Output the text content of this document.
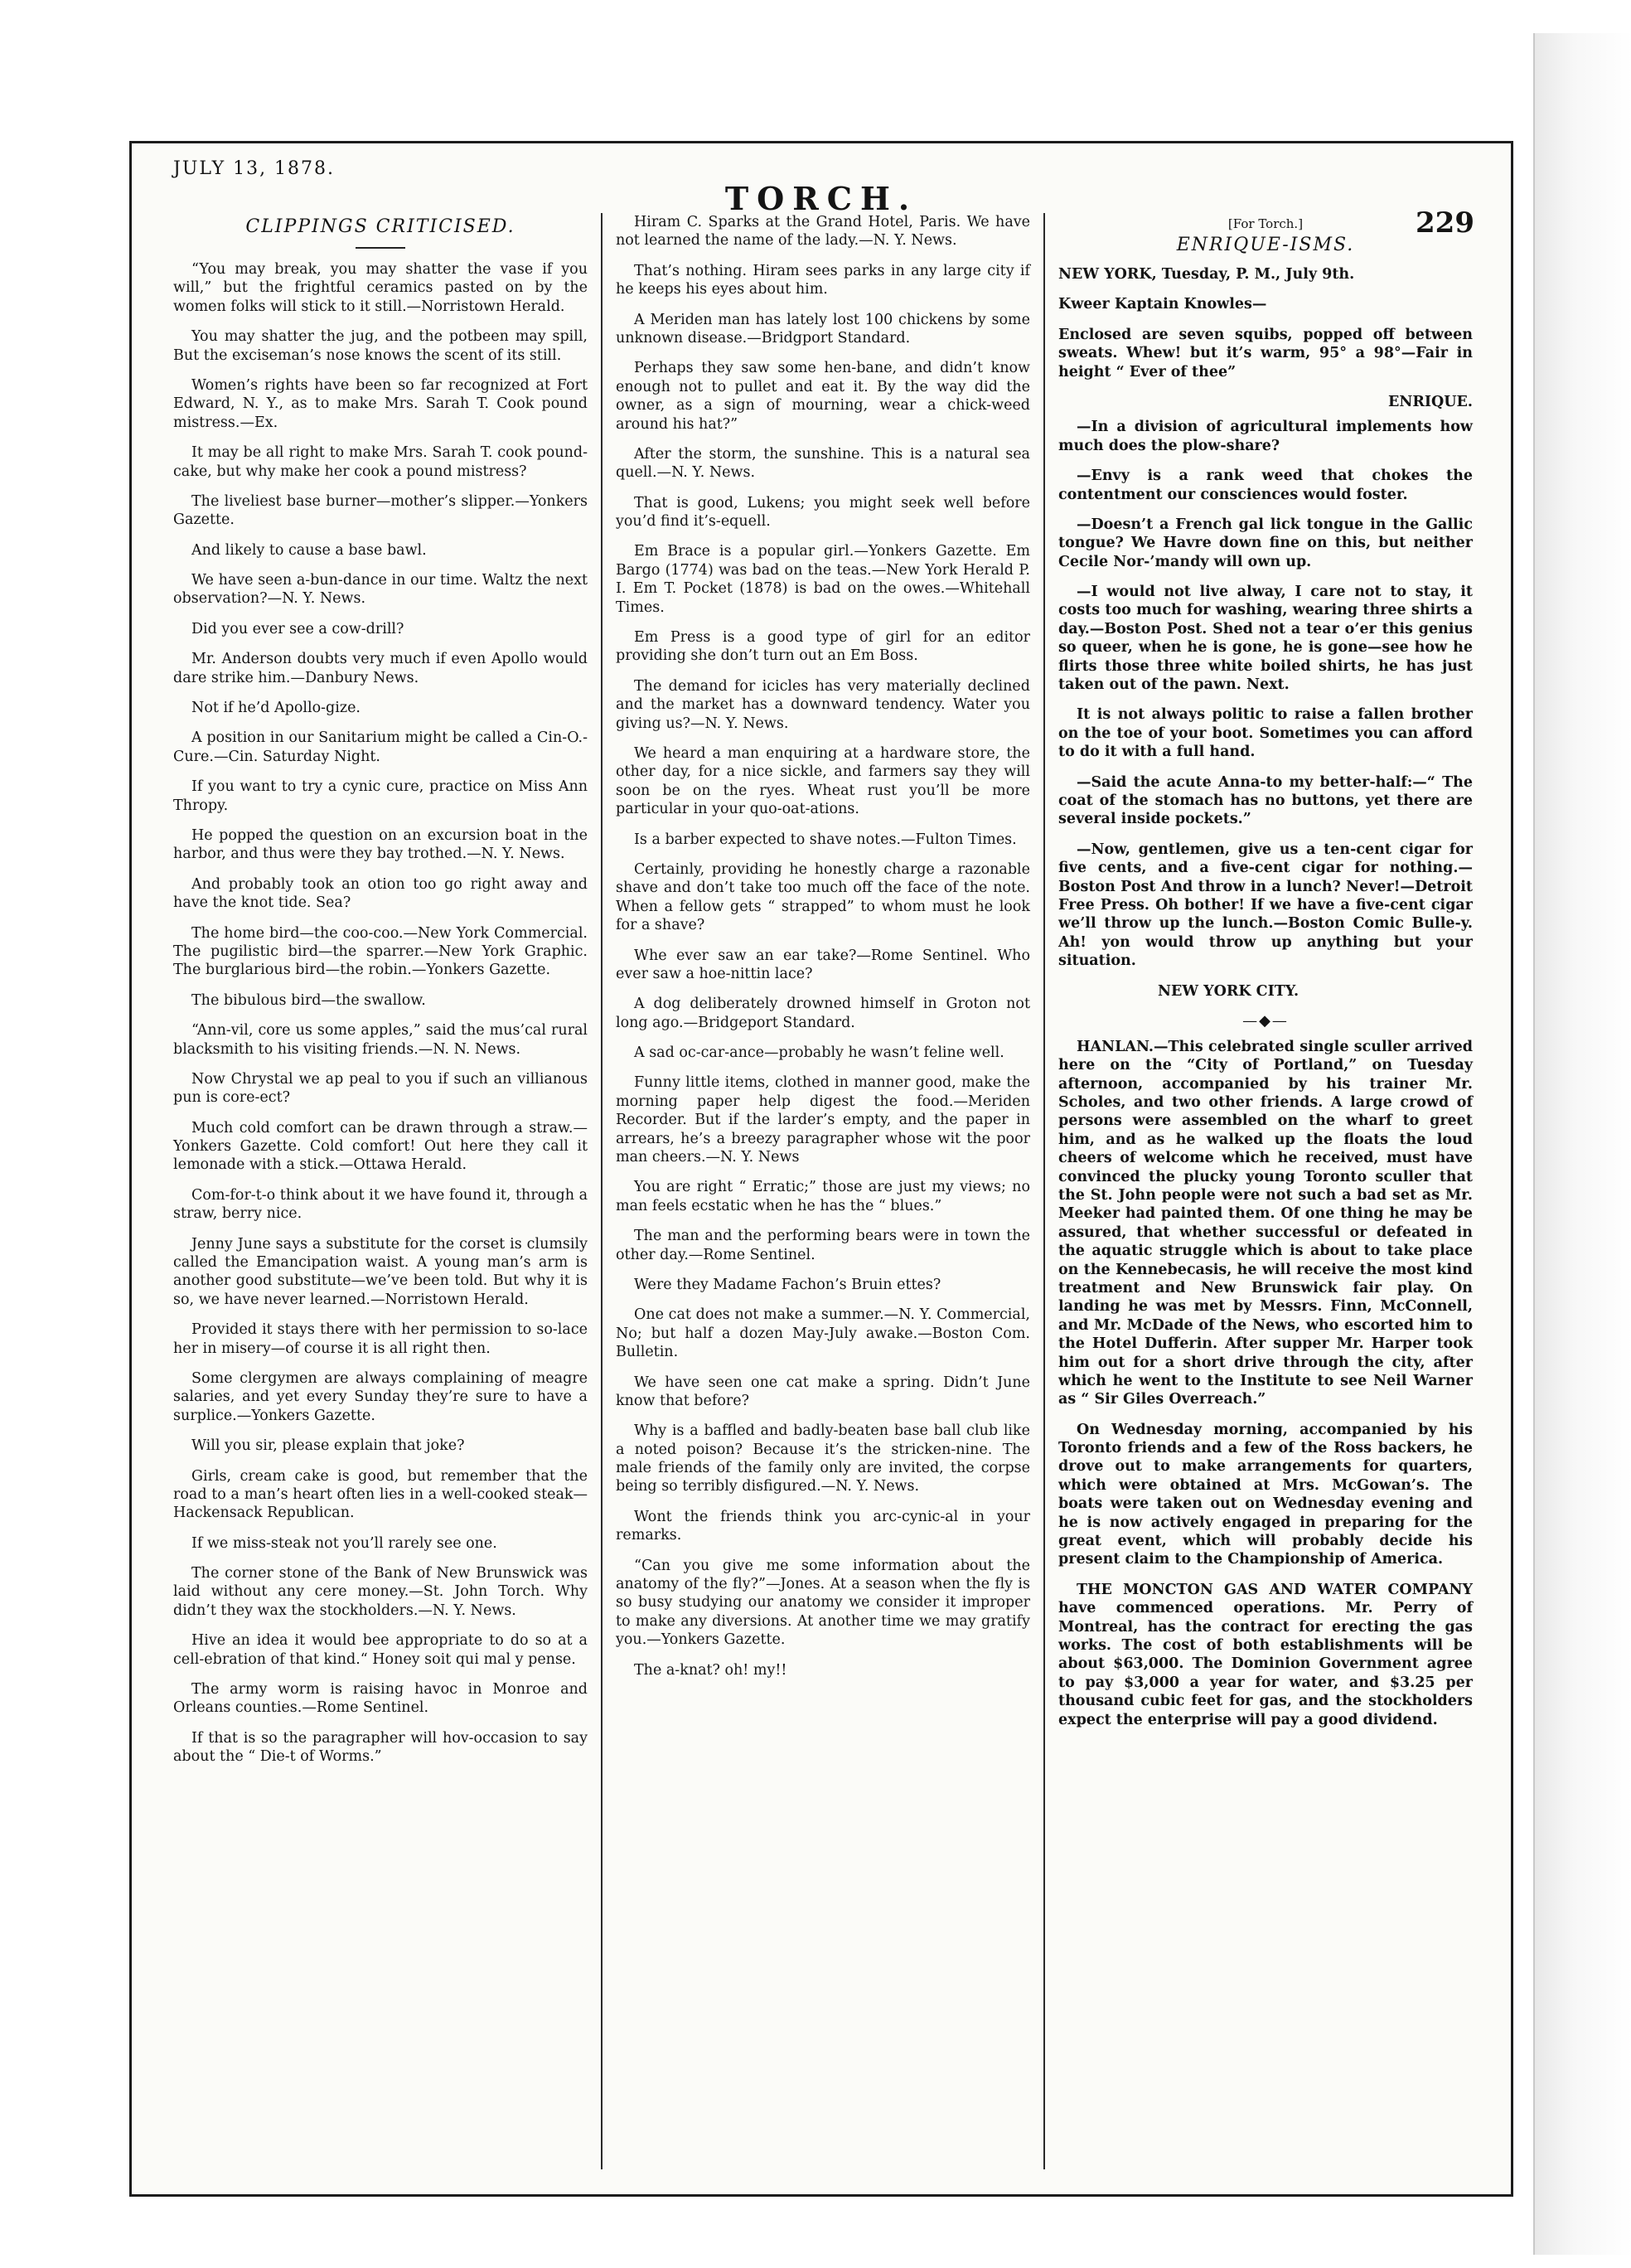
JULY 13, 1878.
TORCH.
229
CLIPPINGS CRITICISED.

“You may break, you may shatter the vase if you will,” but the frightful ceramics pasted on by the women folks will stick to it still.—Norristown Herald.

You may shatter the jug, and the potbeen may spill, But the exciseman’s nose knows the scent of its still.

Women’s rights have been so far recognized at Fort Edward, N. Y., as to make Mrs. Sarah T. Cook pound mistress.—Ex.

It may be all right to make Mrs. Sarah T. cook pound-cake, but why make her cook a pound mistress?

The liveliest base burner—mother’s slipper.—Yonkers Gazette.

And likely to cause a base bawl.

We have seen a-bun-dance in our time. Waltz the next observation?—N. Y. News.

Did you ever see a cow-drill?

Mr. Anderson doubts very much if even Apollo would dare strike him.—Danbury News.

Not if he’d Apollo-gize.

A position in our Sanitarium might be called a Cin-O.-Cure.—Cin. Saturday Night.

If you want to try a cynic cure, practice on Miss Ann Thropy.

He popped the question on an excursion boat in the harbor, and thus were they bay trothed.—N. Y. News.

And probably took an otion too go right away and have the knot tide. Sea?

The home bird—the coo-coo.—New York Commercial. The pugilistic bird—the sparrer.—New York Graphic. The burglarious bird—the robin.—Yonkers Gazette.

The bibulous bird—the swallow.

“Ann-vil, core us some apples,” said the mus’cal rural blacksmith to his visiting friends.—N. N. News.

Now Chrystal we ap peal to you if such an villianous pun is core-ect?

Much cold comfort can be drawn through a straw.—Yonkers Gazette. Cold comfort! Out here they call it lemonade with a stick.—Ottawa Herald.

Com-for-t-o think about it we have found it, through a straw, berry nice.

Jenny June says a substitute for the corset is clumsily called the Emancipation waist. A young man’s arm is another good substitute—we’ve been told. But why it is so, we have never learned.—Norristown Herald.

Provided it stays there with her permission to so-lace her in misery—of course it is all right then.

Some clergymen are always complaining of meagre salaries, and yet every Sunday they’re sure to have a surplice.—Yonkers Gazette.

Will you sir, please explain that joke?

Girls, cream cake is good, but remember that the road to a man’s heart often lies in a well-cooked steak—Hackensack Republican.

If we miss-steak not you’ll rarely see one.

The corner stone of the Bank of New Brunswick was laid without any cere money.—St. John Torch. Why didn’t they wax the stockholders.—N. Y. News.

Hive an idea it would bee appropriate to do so at a cell-ebration of that kind.“ Honey soit qui mal y pense.

The army worm is raising havoc in Monroe and Orleans counties.—Rome Sentinel.

If that is so the paragrapher will hov-occasion to say about the “ Die-t of Worms.”

Hiram C. Sparks at the Grand Hotel, Paris. We have not learned the name of the lady.—N. Y. News.

That’s nothing. Hiram sees parks in any large city if he keeps his eyes about him.

A Meriden man has lately lost 100 chickens by some unknown disease.—Bridgport Standard.

Perhaps they saw some hen-bane, and didn’t know enough not to pullet and eat it. By the way did the owner, as a sign of mourning, wear a chick-weed around his hat?”

After the storm, the sunshine. This is a natural sea quell.—N. Y. News.

That is good, Lukens; you might seek well before you’d find it’s-equell.

Em Brace is a popular girl.—Yonkers Gazette. Em Bargo (1774) was bad on the teas.—New York Herald P. I. Em T. Pocket (1878) is bad on the owes.—Whitehall Times.

Em Press is a good type of girl for an editor providing she don’t turn out an Em Boss.

The demand for icicles has very materially declined and the market has a downward tendency. Water you giving us?—N. Y. News.

We heard a man enquiring at a hardware store, the other day, for a nice sickle, and farmers say they will soon be on the ryes. Wheat rust you’ll be more particular in your quo-oat-ations.

Is a barber expected to shave notes.—Fulton Times.

Certainly, providing he honestly charge a razonable shave and don’t take too much off the face of the note. When a fellow gets “ strapped” to whom must he look for a shave?

Whe ever saw an ear take?—Rome Sentinel. Who ever saw a hoe-nittin lace?

A dog deliberately drowned himself in Groton not long ago.—Bridgeport Standard.

A sad oc-car-ance—probably he wasn’t feline well.

Funny little items, clothed in manner good, make the morning paper help digest the food.—Meriden Recorder. But if the larder’s empty, and the paper in arrears, he’s a breezy paragrapher whose wit the poor man cheers.—N. Y. News

You are right “ Erratic;” those are just my views; no man feels ecstatic when he has the “ blues.”

The man and the performing bears were in town the other day.—Rome Sentinel.

Were they Madame Fachon’s Bruin ettes?

One cat does not make a summer.—N. Y. Commercial, No; but half a dozen May-July awake.—Boston Com. Bulletin.

We have seen one cat make a spring. Didn’t June know that before?

Why is a baffled and badly-beaten base ball club like a noted poison? Because it’s the stricken-nine. The male friends of the family only are invited, the corpse being so terribly disfigured.—N. Y. News.

Wont the friends think you arc-cynic-al in your remarks.

“Can you give me some information about the anatomy of the fly?”—Jones. At a season when the fly is so busy studying our anatomy we consider it improper to make any diversions. At another time we may gratify you.—Yonkers Gazette.

The a-knat? oh! my!!

[For Torch.]
ENRIQUE-ISMS.

NEW YORK, Tuesday, P. M., July 9th.

Kweer Kaptain Knowles—

Enclosed are seven squibs, popped off between sweats. Whew! but it’s warm, 95° a 98°—Fair in height “ Ever of thee”

ENRIQUE.

—In a division of agricultural implements how much does the plow-share?

—Envy is a rank weed that chokes the contentment our consciences would foster.

—Doesn’t a French gal lick tongue in the Gallic tongue? We Havre down fine on this, but neither Cecile Nor-’mandy will own up.

—I would not live alway, I care not to stay, it costs too much for washing, wearing three shirts a day.—Boston Post. Shed not a tear o’er this genius so queer, when he is gone, he is gone—see how he flirts those three white boiled shirts, he has just taken out of the pawn. Next.

It is not always politic to raise a fallen brother on the toe of your boot. Sometimes you can afford to do it with a full hand.

—Said the acute Anna-to my better-half:—“ The coat of the stomach has no buttons, yet there are several inside pockets.”

—Now, gentlemen, give us a ten-cent cigar for five cents, and a five-cent cigar for nothing.—Boston Post And throw in a lunch? Never!—Detroit Free Press. Oh bother! If we have a five-cent cigar we’ll throw up the lunch.—Boston Comic Bulle-y. Ah! yon would throw up anything but your situation.

NEW YORK CITY.

—◆—

HANLAN.—This celebrated single sculler arrived here on the “City of Portland,” on Tuesday afternoon, accompanied by his trainer Mr. Scholes, and two other friends. A large crowd of persons were assembled on the wharf to greet him, and as he walked up the floats the loud cheers of welcome which he received, must have convinced the plucky young Toronto sculler that the St. John people were not such a bad set as Mr. Meeker had painted them. Of one thing he may be assured, that whether successful or defeated in the aquatic struggle which is about to take place on the Kennebecasis, he will receive the most kind treatment and New Brunswick fair play. On landing he was met by Messrs. Finn, McConnell, and Mr. McDade of the News, who escorted him to the Hotel Dufferin. After supper Mr. Harper took him out for a short drive through the city, after which he went to the Institute to see Neil Warner as “ Sir Giles Overreach.”

On Wednesday morning, accompanied by his Toronto friends and a few of the Ross backers, he drove out to make arrangements for quarters, which were obtained at Mrs. McGowan’s. The boats were taken out on Wednesday evening and he is now actively engaged in preparing for the great event, which will probably decide his present claim to the Championship of America.

THE MONCTON GAS AND WATER COMPANY have commenced operations. Mr. Perry of Montreal, has the contract for erecting the gas works. The cost of both establishments will be about $63,000. The Dominion Government agree to pay $3,000 a year for water, and $3.25 per thousand cubic feet for gas, and the stockholders expect the enterprise will pay a good dividend.
